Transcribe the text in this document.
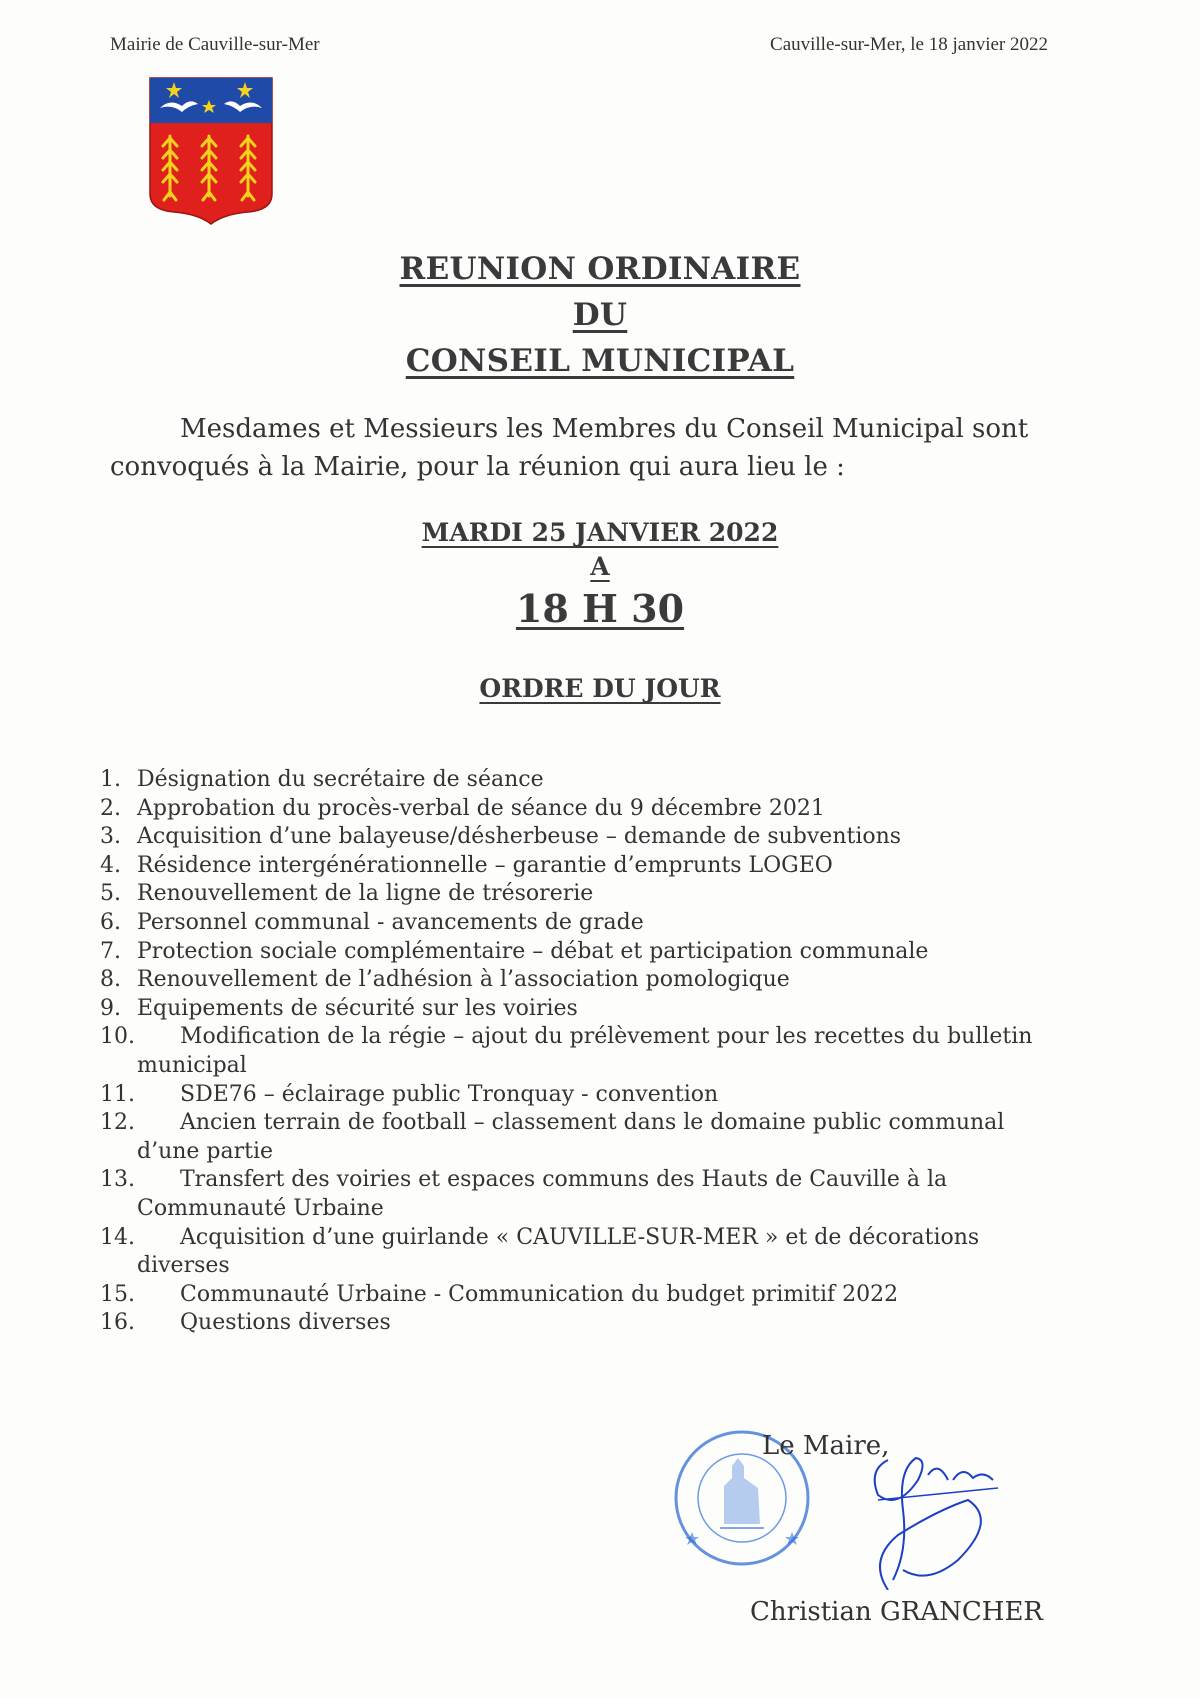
Mairie de Cauville-sur-Mer	Cauville-sur-Mer, le 18 janvier 2022
REUNION ORDINAIRE
DU
CONSEIL MUNICIPAL
Mesdames et Messieurs les Membres du Conseil Municipal sont convoqués à la Mairie, pour la réunion qui aura lieu le :
MARDI 25 JANVIER 2022
A
18 H 30
ORDRE DU JOUR
1. Désignation du secrétaire de séance
2. Approbation du procès-verbal de séance du 9 décembre 2021
3. Acquisition d’une balayeuse/désherbeuse – demande de subventions
4. Résidence intergénérationnelle – garantie d’emprunts LOGEO
5. Renouvellement de la ligne de trésorerie
6. Personnel communal - avancements de grade
7. Protection sociale complémentaire – débat et participation communale
8. Renouvellement de l’adhésion à l’association pomologique
9. Equipements de sécurité sur les voiries
10. Modification de la régie – ajout du prélèvement pour les recettes du bulletin
municipal
11. SDE76 – éclairage public Tronquay - convention
12. Ancien terrain de football – classement dans le domaine public communal
d’une partie
13. Transfert des voiries et espaces communs des Hauts de Cauville à la
Communauté Urbaine
14. Acquisition d’une guirlande « CAUVILLE-SUR-MER » et de décorations
diverses
15. Communauté Urbaine - Communication du budget primitif 2022
16. Questions diverses
Le Maire,
Christian GRANCHER
